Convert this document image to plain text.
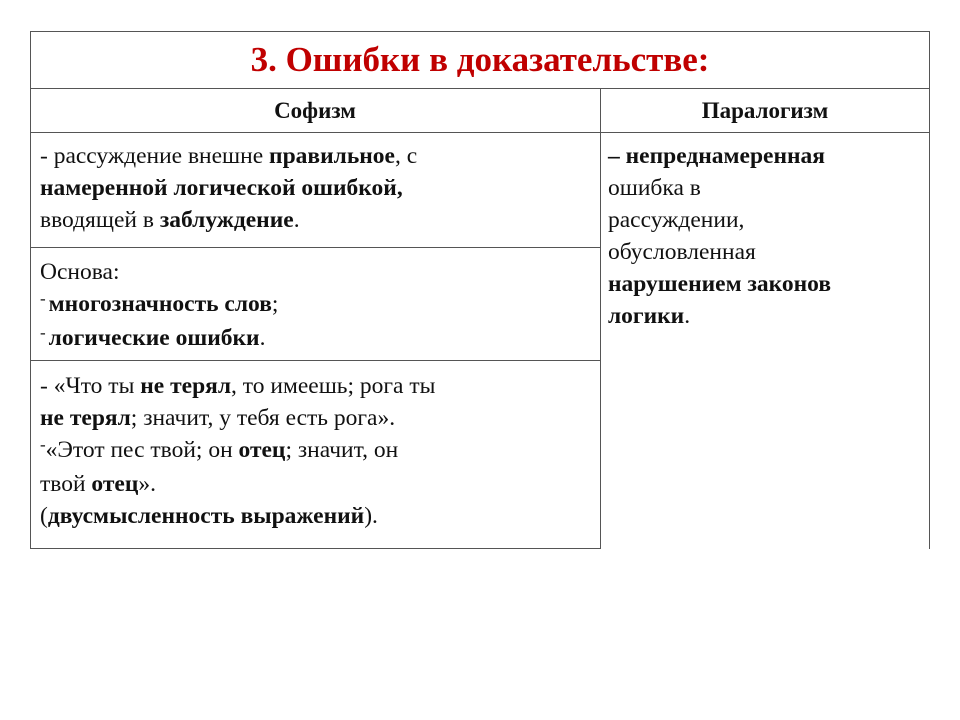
3. Ошибки в доказательстве:
Софизм	Паралогизм
- рассуждение внешне правильное, с
намеренной логической ошибкой,
вводящей в заблуждение.
Основа:
- многозначность слов;
- логические ошибки.
- «Что ты не терял, то имеешь; рога ты
не терял; значит, у тебя есть рога».
-«Этот пес твой; он отец; значит, он
твой отец».
(двусмысленность выражений).
– непреднамеренная
ошибка в
рассуждении,
обусловленная
нарушением законов
логики.
